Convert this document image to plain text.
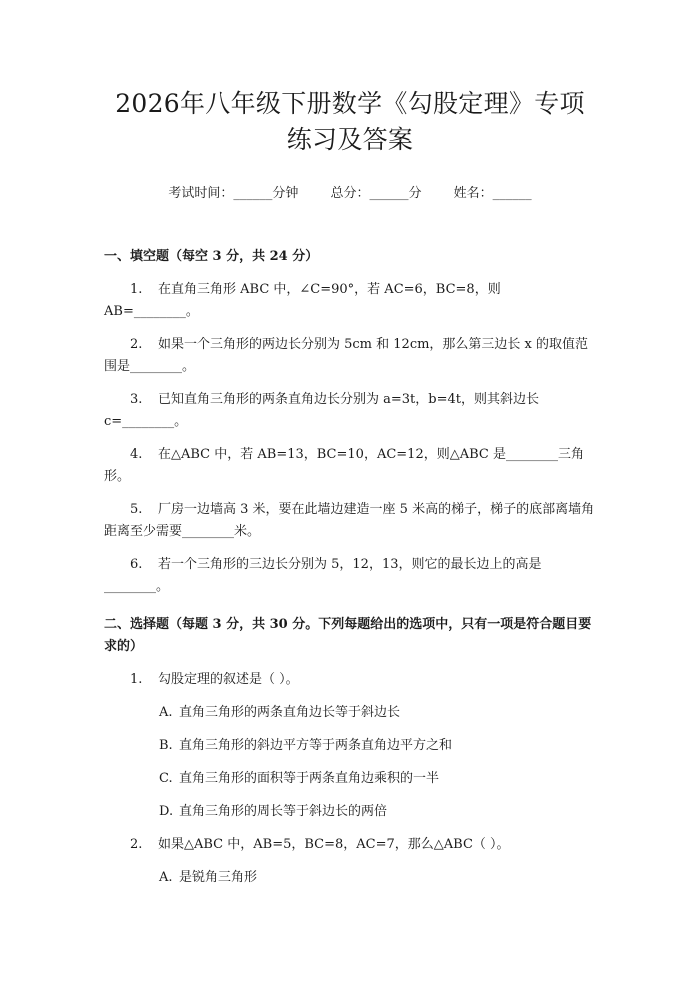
2026年八年级下册数学《勾股定理》专项练习及答案
考试时间：______分钟 总分：______分 姓名：______
一、填空题（每空 3 分，共 24 分）
1. 在直角三角形 ABC 中，∠C=90°，若 AC=6，BC=8，则 AB=________。
2. 如果一个三角形的两边长分别为 5cm 和 12cm，那么第三边长 x 的取值范围是________。
3. 已知直角三角形的两条直角边长分别为 a=3t，b=4t，则其斜边长 c=________。
4. 在△ABC 中，若 AB=13，BC=10，AC=12，则△ABC 是________三角形。
5. 厂房一边墙高 3 米，要在此墙边建造一座 5 米高的梯子，梯子的底部离墙角距离至少需要________米。
6. 若一个三角形的三边长分别为 5，12，13，则它的最长边上的高是________。
二、选择题（每题 3 分，共 30 分。下列每题给出的选项中，只有一项是符合题目要求的）
1. 勾股定理的叙述是（ ）。
A. 直角三角形的两条直角边长等于斜边长
B. 直角三角形的斜边平方等于两条直角边平方之和
C. 直角三角形的面积等于两条直角边乘积的一半
D. 直角三角形的周长等于斜边长的两倍
2. 如果△ABC 中，AB=5，BC=8，AC=7，那么△ABC（ ）。
A. 是锐角三角形
